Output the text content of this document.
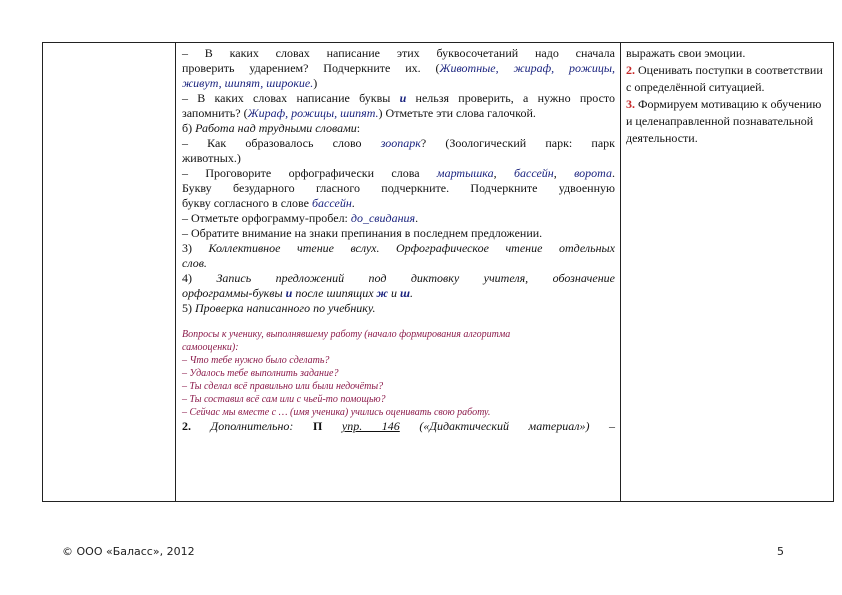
– В каких словах написание этих буквосочетаний надо сначала

проверить ударением? Подчеркните их. (Животные, жираф, рожицы,

живут, шипят, широкие.)

– В каких словах написание буквы и нельзя проверить, а нужно просто

запомнить? (Жираф, рожицы, шипят.) Отметьте эти слова галочкой.

б) Работа над трудными словами:

– Как образовалось слово зоопарк? (Зоологический парк: парк

животных.)

– Проговорите орфографически слова мартышка, бассейн, ворота.

Букву безударного гласного подчеркните. Подчеркните удвоенную

букву согласного в слове бассейн.

– Отметьте орфограмму-пробел: до_свидания.

– Обратите внимание на знаки препинания в последнем предложении.

3) Коллективное чтение вслух. Орфографическое чтение отдельных

слов.

4) Запись предложений под диктовку учителя, обозначение

орфограммы-буквы и после шипящих ж и ш.

5) Проверка написанного по учебнику.

Вопросы к ученику, выполнявшему работу (начало формирования алгоритма
самооценки):
– Что тебе нужно было сделать?
– Удалось тебе выполнить задание?
– Ты сделал всё правильно или были недочёты?
– Ты составил всё сам или с чьей-то помощью?
– Сейчас мы вместе с … (имя ученика) учились оценивать свою работу.

2. Дополнительно: П упр. 146 («Дидактический материал») –

выражать свои эмоции.

2. Оценивать поступки в соответствии с определённой ситуацией.

3. Формируем мотивацию к обучению и целенаправленной познавательной деятельности.

© ООО «Баласс», 2012	5
